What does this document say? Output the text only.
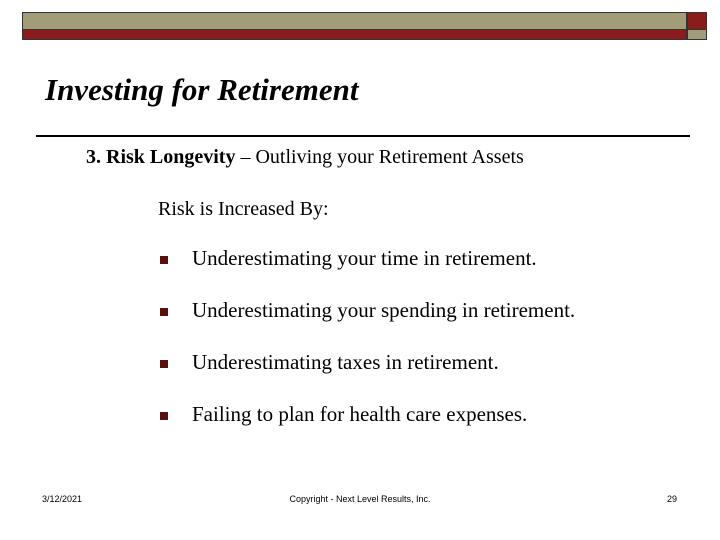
Investing for Retirement
3. Risk Longevity – Outliving your Retirement Assets
Risk is Increased By:
Underestimating your time in retirement.
Underestimating your spending in retirement.
Underestimating taxes in retirement.
Failing to plan for health care expenses.
3/12/2021	Copyright - Next Level Results, Inc.	29
